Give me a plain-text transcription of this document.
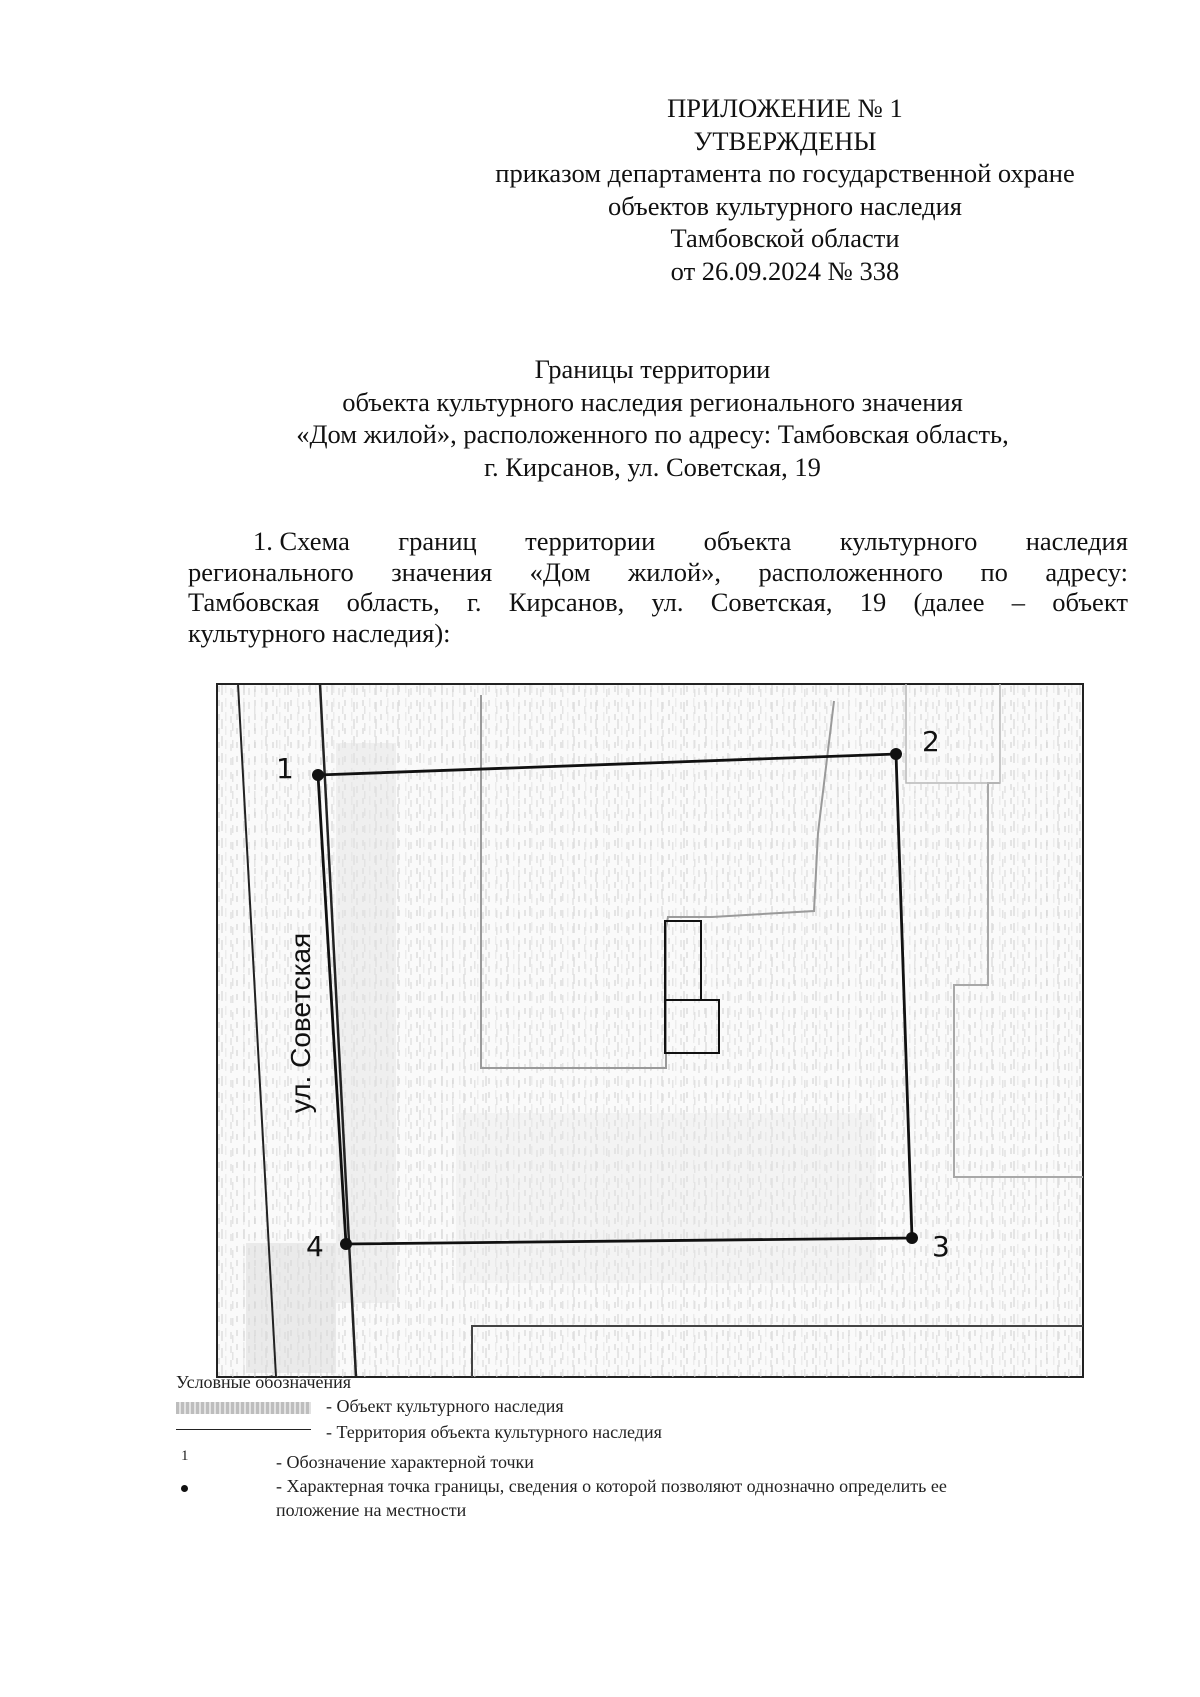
ПРИЛОЖЕНИЕ № 1
УТВЕРЖДЕНЫ
приказом департамента по государственной охране
объектов культурного наследия
Тамбовской области
от 26.09.2024 № 338
Границы территории
объекта культурного наследия регионального значения
«Дом жилой», расположенного по адресу: Тамбовская область,
г. Кирсанов, ул. Советская, 19
1. Схема границ территории объекта культурного наследия
регионального значения «Дом жилой», расположенного по адресу:
Тамбовская область, г. Кирсанов, ул. Советская, 19 (далее – объект
культурного наследия):
1
2
3
4
ул. Советская
Условные обозначения
- Объект культурного наследия
- Территория объекта культурного наследия
1	- Обозначение характерной точки
- Характерная точка границы, сведения о которой позволяют однозначно определить ее
положение на местности
